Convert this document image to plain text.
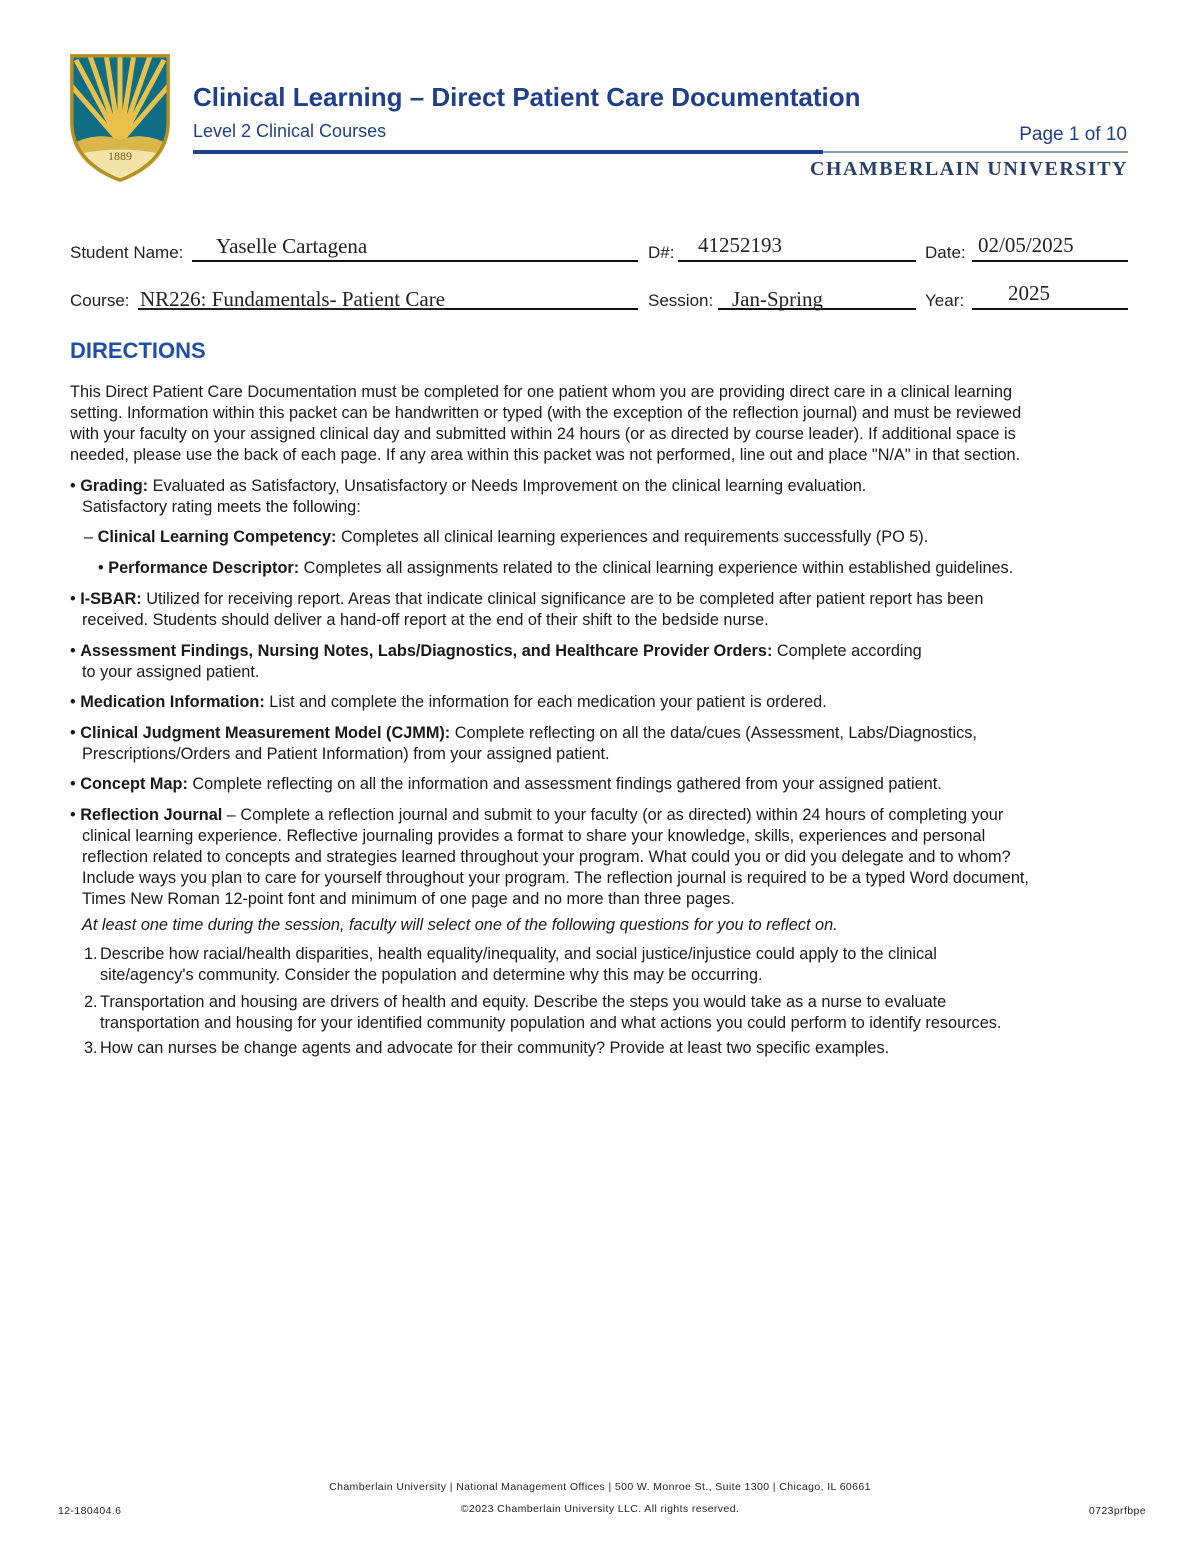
1889
Clinical Learning – Direct Patient Care Documentation
Level 2 Clinical Courses	Page 1 of 10
CHAMBERLAIN UNIVERSITY
Student Name: Yaselle Cartagena	D#: 41252193	Date: 02/05/2025
Course: NR226: Fundamentals- Patient Care	Session: Jan-Spring	Year: 2025
DIRECTIONS
This Direct Patient Care Documentation must be completed for one patient whom you are providing direct care in a clinical learning
setting. Information within this packet can be handwritten or typed (with the exception of the reflection journal) and must be reviewed
with your faculty on your assigned clinical day and submitted within 24 hours (or as directed by course leader). If additional space is
needed, please use the back of each page. If any area within this packet was not performed, line out and place "N/A" in that section.
• Grading: Evaluated as Satisfactory, Unsatisfactory or Needs Improvement on the clinical learning evaluation.
Satisfactory rating meets the following:
– Clinical Learning Competency: Completes all clinical learning experiences and requirements successfully (PO 5).
• Performance Descriptor: Completes all assignments related to the clinical learning experience within established guidelines.
• I-SBAR: Utilized for receiving report. Areas that indicate clinical significance are to be completed after patient report has been
received. Students should deliver a hand-off report at the end of their shift to the bedside nurse.
• Assessment Findings, Nursing Notes, Labs/Diagnostics, and Healthcare Provider Orders: Complete according
to your assigned patient.
• Medication Information: List and complete the information for each medication your patient is ordered.
• Clinical Judgment Measurement Model (CJMM): Complete reflecting on all the data/cues (Assessment, Labs/Diagnostics,
Prescriptions/Orders and Patient Information) from your assigned patient.
• Concept Map: Complete reflecting on all the information and assessment findings gathered from your assigned patient.
• Reflection Journal – Complete a reflection journal and submit to your faculty (or as directed) within 24 hours of completing your
clinical learning experience. Reflective journaling provides a format to share your knowledge, skills, experiences and personal
reflection related to concepts and strategies learned throughout your program. What could you or did you delegate and to whom?
Include ways you plan to care for yourself throughout your program. The reflection journal is required to be a typed Word document,
Times New Roman 12-point font and minimum of one page and no more than three pages.
At least one time during the session, faculty will select one of the following questions for you to reflect on.
1. Describe how racial/health disparities, health equality/inequality, and social justice/injustice could apply to the clinical
site/agency's community. Consider the population and determine why this may be occurring.
2. Transportation and housing are drivers of health and equity. Describe the steps you would take as a nurse to evaluate
transportation and housing for your identified community population and what actions you could perform to identify resources.
3. How can nurses be change agents and advocate for their community? Provide at least two specific examples.
Chamberlain University | National Management Offices | 500 W. Monroe St., Suite 1300 | Chicago, IL 60661
©2023 Chamberlain University LLC. All rights reserved.
12-180404.6	0723prfbpe
